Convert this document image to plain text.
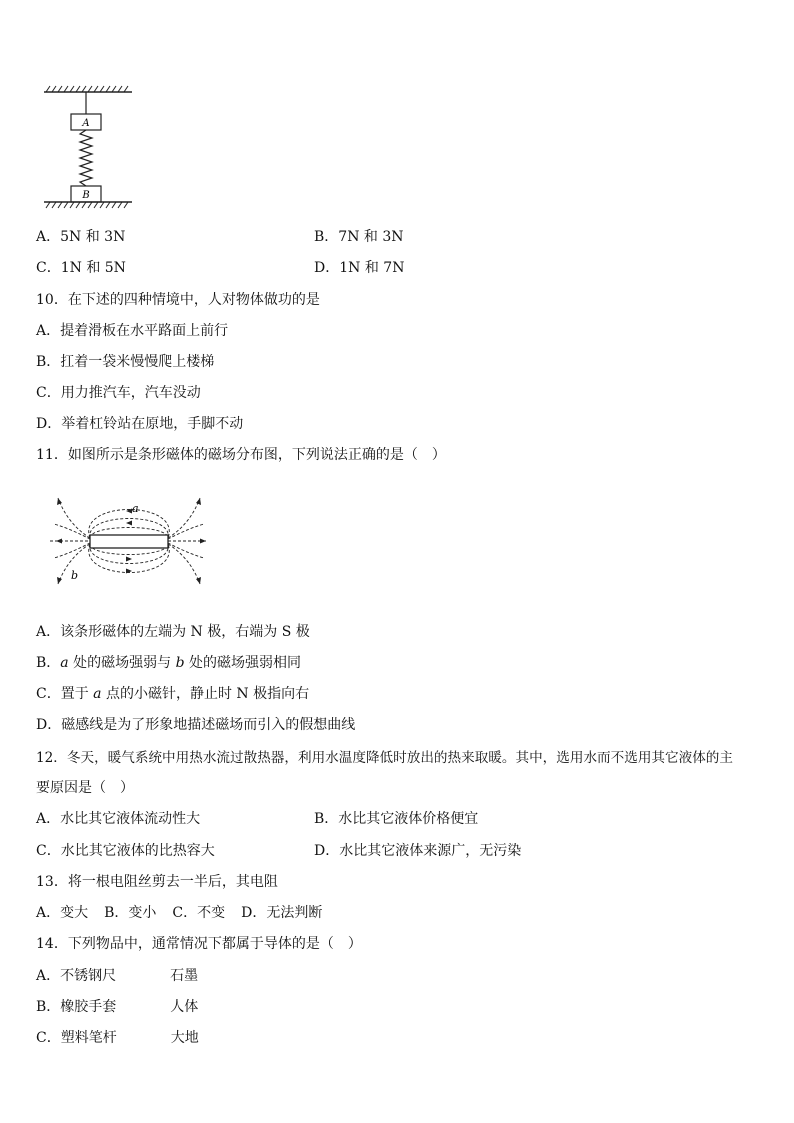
A
B
A．5N 和 3N	B．7N 和 3N
C．1N 和 5N	D．1N 和 7N
10．在下述的四种情境中，人对物体做功的是
A．提着滑板在水平路面上前行
B．扛着一袋米慢慢爬上楼梯
C．用力推汽车，汽车没动
D．举着杠铃站在原地，手脚不动
11．如图所示是条形磁体的磁场分布图，下列说法正确的是（　）
a
b
A．该条形磁体的左端为 N 极，右端为 S 极
B．a 处的磁场强弱与 b 处的磁场强弱相同
C．置于 a 点的小磁针，静止时 N 极指向右
D．磁感线是为了形象地描述磁场而引入的假想曲线
12．冬天，暖气系统中用热水流过散热器，利用水温度降低时放出的热来取暖。其中，选用水而不选用其它液体的主
要原因是（　）
A．水比其它液体流动性大	B．水比其它液体价格便宜
C．水比其它液体的比热容大	D．水比其它液体来源广，无污染
13．将一根电阻丝剪去一半后，其电阻
A．变大 B．变小 C．不变 D．无法判断
14．下列物品中，通常情况下都属于导体的是（　）
A．不锈钢尺	石墨
B．橡胶手套	人体
C．塑料笔杆	大地
